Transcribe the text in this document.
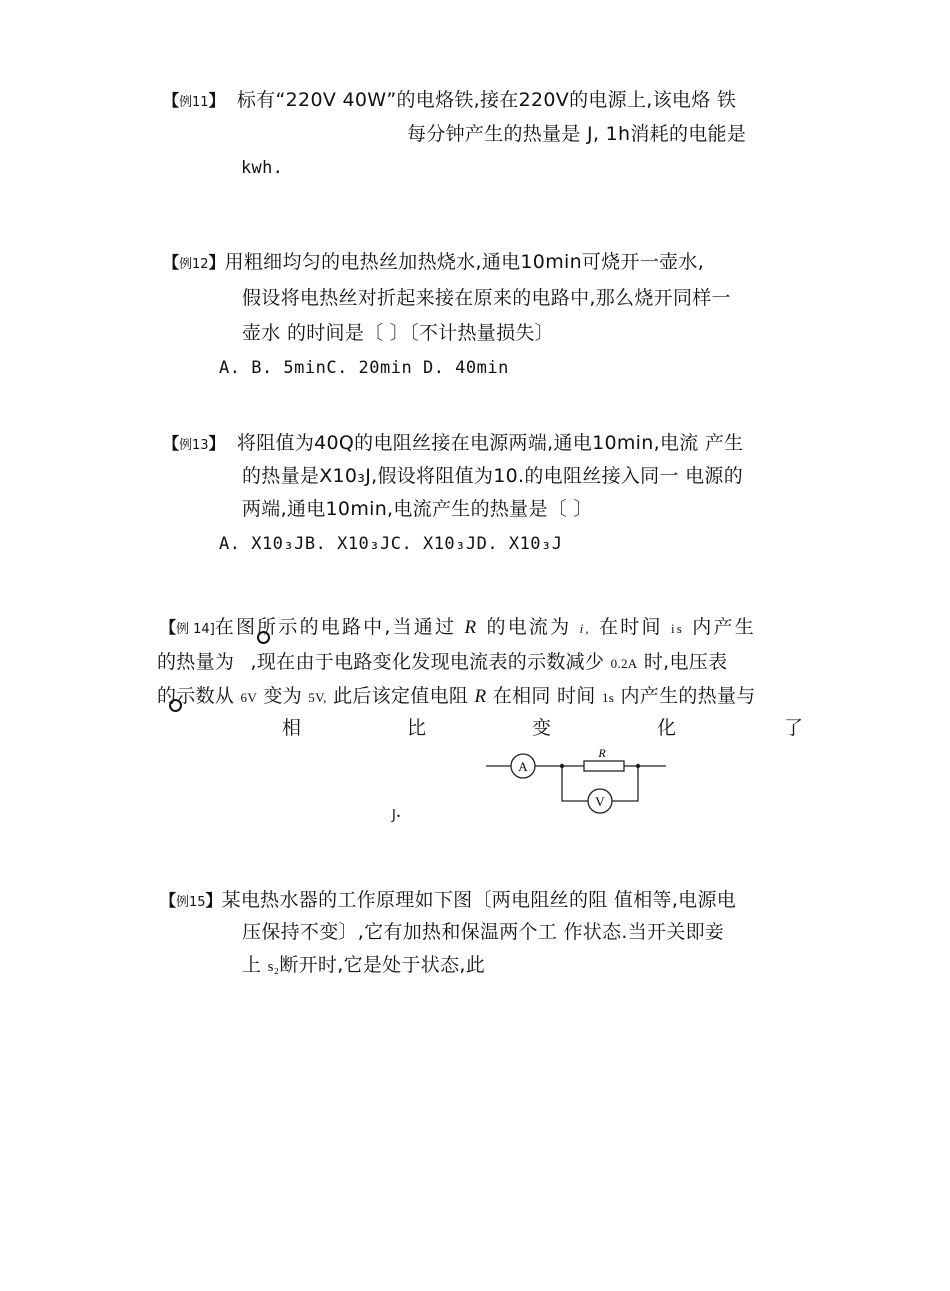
【例11】 标有“220V 40W”的电烙铁,接在220V的电源上,该电烙 铁
每分钟产生的热量是 J, 1h消耗的电能是
kwh.
【例12】用粗细均匀的电热丝加热烧水,通电10min可烧开一壶水,
假设将电热丝对折起来接在原来的电路中,那么烧开同样一
壶水 的时间是〔 〕〔不计热量损失〕
A. B. 5minC. 20min D. 40min
【例13】 将阻值为40Q的电阻丝接在电源两端,通电10min,电流 产生
的热量是X10₃J,假设将阻值为10.的电阻丝接入同一 电源的
两端,通电10min,电流产生的热量是〔 〕
A. X10₃JB. X10₃JC. X10₃JD. X10₃J
【例 14]在图所示的电路中,当通过 R 的电流为 i, 在时间 is 内产生
的热量为 ,现在由于电路变化发现电流表的示数减少 0.2A 时,电压表
的示数从 6V 变为 5V, 此后该定值电阻 R 在相同 时间 1s 内产生的热量与
相	比	变	化	了
J•
A
R
V
【例15】某电热水器的工作原理如下图〔两电阻丝的阻 值相等,电源电
压保持不变〕,它有加热和保温两个工 作状态.当开关即妾
上 s₂断开时,它是处于状态,此
